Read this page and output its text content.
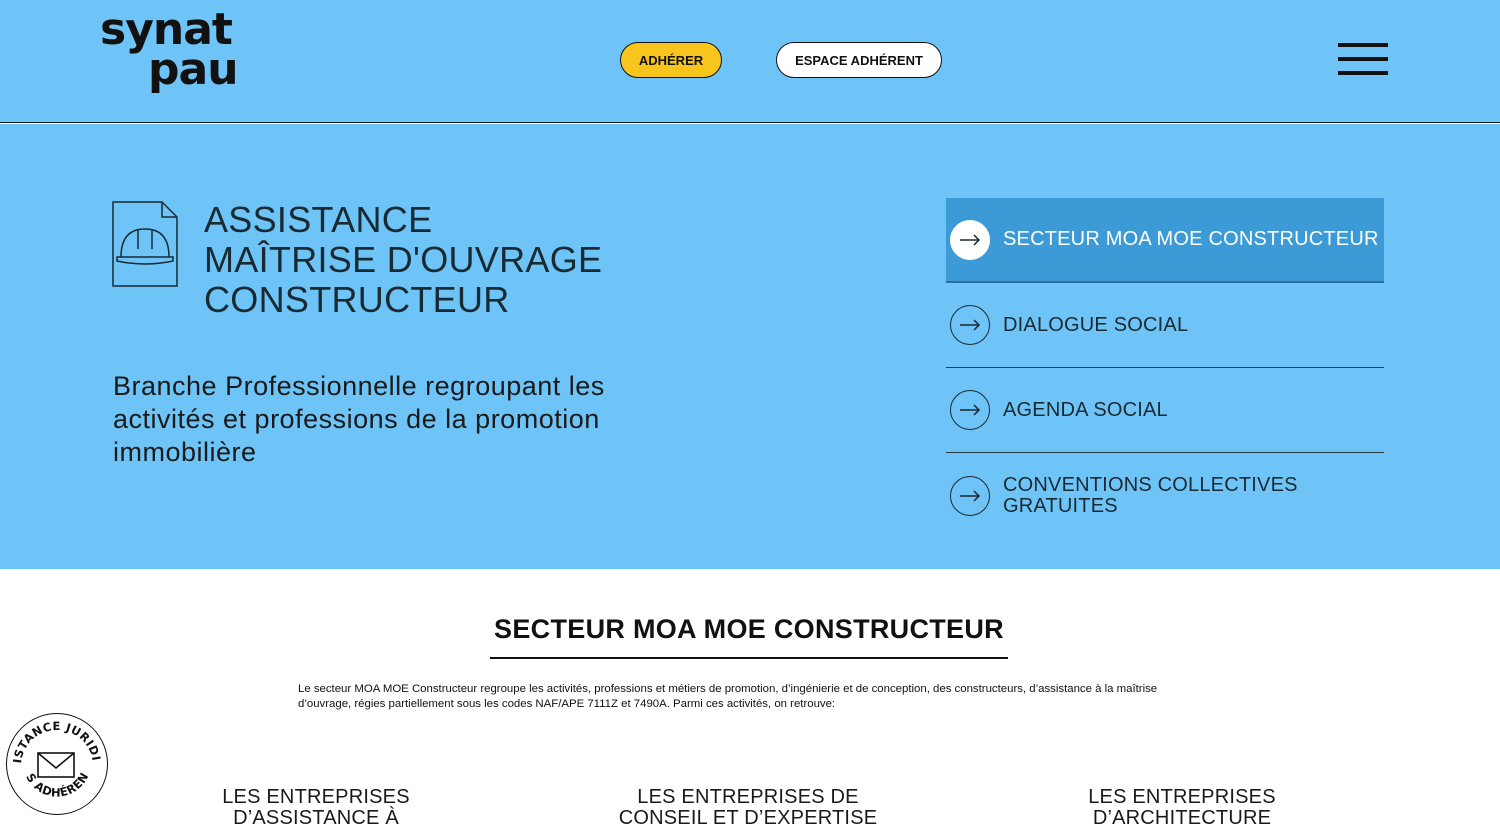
synat
pau	ADHÉRER	ESPACE ADHÉRENT
ASSISTANCE
MAÎTRISE D'OUVRAGE
CONSTRUCTEUR
Branche Professionnelle regroupant les activités et professions de la promotion immobilière
SECTEUR MOA MOE CONSTRUCTEUR
DIALOGUE SOCIAL
AGENDA SOCIAL
CONVENTIONS COLLECTIVES GRATUITES
SECTEUR MOA MOE CONSTRUCTEUR
Le secteur MOA MOE Constructeur regroupe les activités, professions et métiers de promotion, d’ingénierie et de conception, des constructeurs, d’assistance à la maîtrise d’ouvrage, régies partiellement sous les codes NAF/APE 7111Z et 7490A. Parmi ces activités, on retrouve:
LES ENTREPRISES
D’ASSISTANCE À
LES ENTREPRISES DE
CONSEIL ET D’EXPERTISE
LES ENTREPRISES
D’ARCHITECTURE
ISTANCE JURIDI
S ADHÉREN
